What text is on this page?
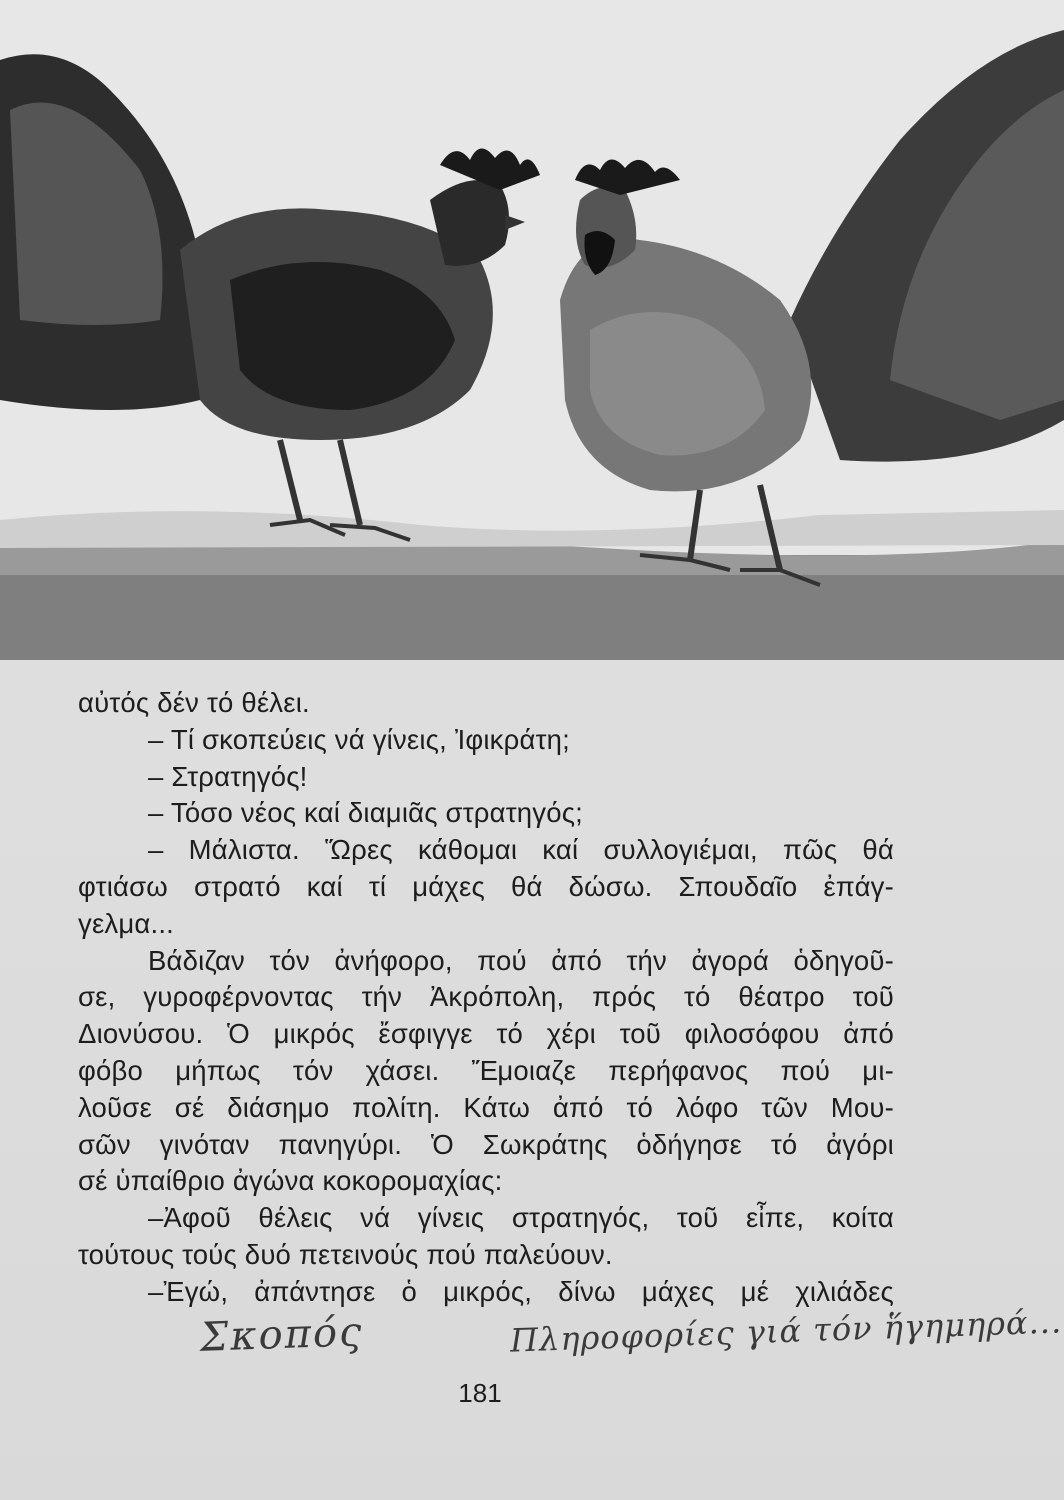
αὐτός δέν τό θέλει.
– Τί σκοπεύεις νά γίνεις, Ἰφικράτη;
– Στρατηγός!
– Τόσο νέος καί διαμιᾶς στρατηγός;
– Μάλιστα. Ὥρες κάθομαι καί συλλογιέμαι, πῶς θά
φτιάσω στρατό καί τί μάχες θά δώσω. Σπουδαῖο ἐπάγ-
γελμα...
Βάδιζαν τόν ἀνήφορο, πού ἀπό τήν ἀγορά ὁδηγοῦ-
σε, γυροφέρνοντας τήν Ἀκρόπολη, πρός τό θέατρο τοῦ
Διονύσου. Ὁ μικρός ἔσφιγγε τό χέρι τοῦ φιλοσόφου ἀπό
φόβο μήπως τόν χάσει. Ἔμοιαζε περήφανος πού μι-
λοῦσε σέ διάσημο πολίτη. Κάτω ἀπό τό λόφο τῶν Μου-
σῶν γινόταν πανηγύρι. Ὁ Σωκράτης ὁδήγησε τό ἀγόρι
σέ ὑπαίθριο ἀγώνα κοκορομαχίας:
–Ἀφοῦ θέλεις νά γίνεις στρατηγός, τοῦ εἶπε, κοίτα
τούτους τούς δυό πετεινούς πού παλεύουν.
–Ἐγώ, ἀπάντησε ὁ μικρός, δίνω μάχες μέ χιλιάδες
Σκοπός	Πληροφορίες γιά τόν ἥγημηρά...
181
